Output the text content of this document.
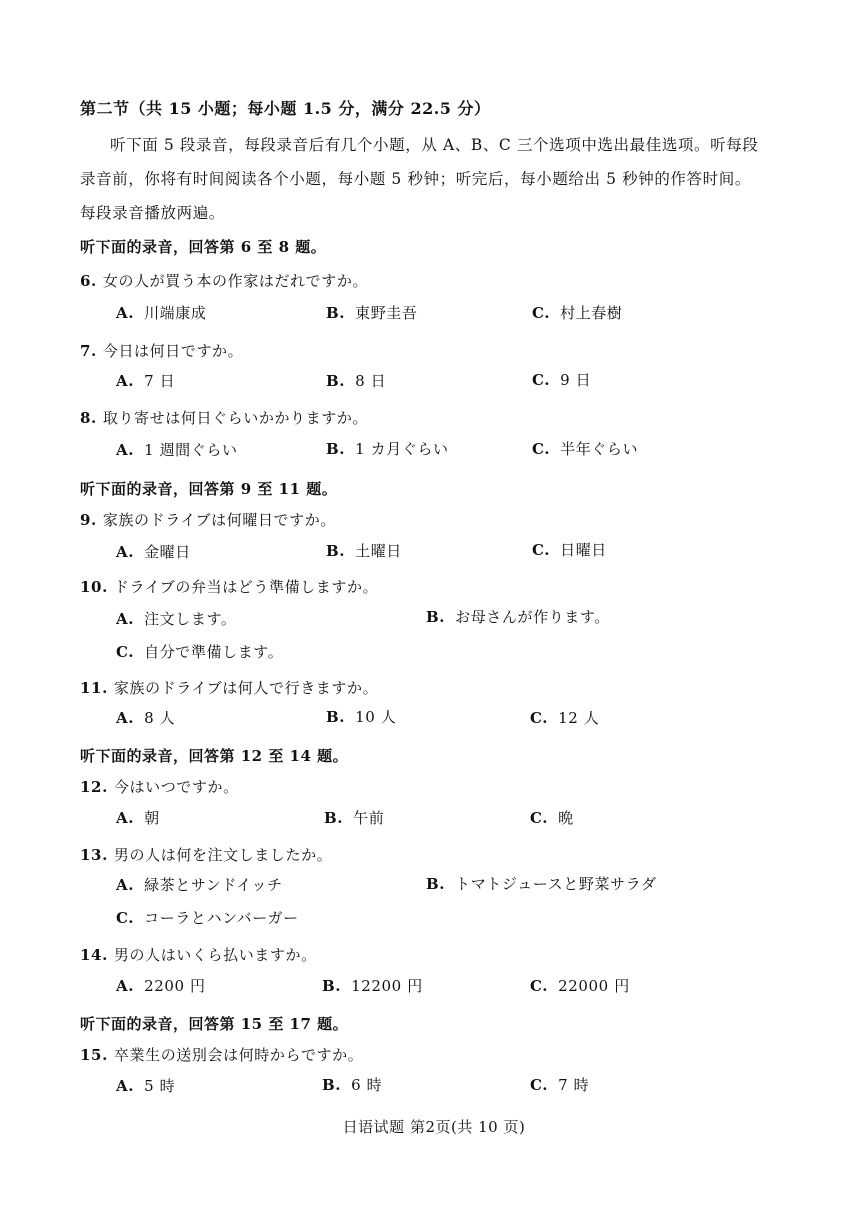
第二节（共 15 小题；每小题 1.5 分，满分 22.5 分）
听下面 5 段录音，每段录音后有几个小题，从 A、B、C 三个选项中选出最佳选项。听每段录音前，你将有时间阅读各个小题，每小题 5 秒钟；听完后，每小题给出 5 秒钟的作答时间。每段录音播放两遍。
听下面的录音，回答第 6 至 8 题。
6. 女の人が買う本の作家はだれですか。
A. 川端康成	B. 東野圭吾	C. 村上春樹
7. 今日は何日ですか。
A. 7 日	B. 8 日	C. 9 日
8. 取り寄せは何日ぐらいかかりますか。
A. 1 週間ぐらい	B. 1 カ月ぐらい	C. 半年ぐらい
听下面的录音，回答第 9 至 11 题。
9. 家族のドライブは何曜日ですか。
A. 金曜日	B. 土曜日	C. 日曜日
10. ドライブの弁当はどう準備しますか。
A. 注文します。	B. お母さんが作ります。
C. 自分で準備します。
11. 家族のドライブは何人で行きますか。
A. 8 人	B. 10 人	C. 12 人
听下面的录音，回答第 12 至 14 题。
12. 今はいつですか。
A. 朝	B. 午前	C. 晩
13. 男の人は何を注文しましたか。
A. 緑茶とサンドイッチ	B. トマトジュースと野菜サラダ
C. コーラとハンバーガー
14. 男の人はいくら払いますか。
A. 2200 円	B. 12200 円	C. 22000 円
听下面的录音，回答第 15 至 17 题。
15. 卒業生の送別会は何時からですか。
A. 5 時	B. 6 時	C. 7 時
日语试题 第2页(共 10 页)
